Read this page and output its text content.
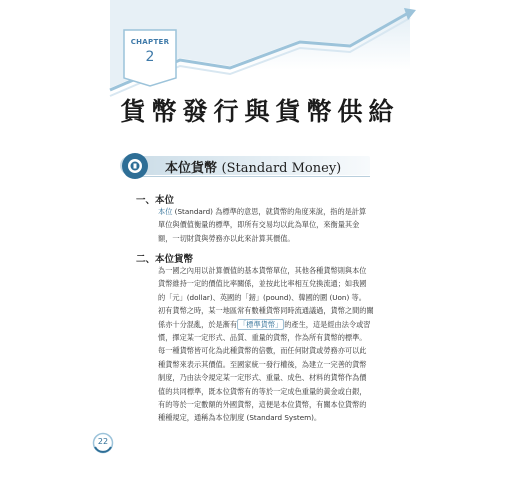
CHAPTER
2
貨幣發行與貨幣供給
本位貨幣 (Standard Money)
一、本位
本位 (Standard) 為標準的意思，就貨幣的角度來說，指的是計算
單位與價值衡量的標準，即所有交易均以此為單位，來衡量其金
額，一切財貨與勞務亦以此來計算其價值。
二、本位貨幣
為一國之內用以計算價值的基本貨幣單位，其他各種貨幣則與本位
貨幣維持一定的價值比率關係，並按此比率相互兌換流通；如我國
的「元」(dollar)、英國的「鎊」(pound)、韓國的圜 (Uon) 等。
初有貨幣之時，某一地區常有數種貨幣同時流通議過，貨幣之間的關
係亦十分混亂，於是漸有 「標準貨幣」 的產生，這是經由法令或習
慣，擇定某一定形式、品質、重量的貨幣，作為所有貨幣的標準。
每一種貨幣皆可化為此種貨幣的倍數，而任何財貨或勞務亦可以此
種貨幣來表示其價值。至國家統一發行權後，為建立一完善的貨幣
制度，乃由法令規定某一定形式、重量、成色、材料的貨幣作為價
值的共同標準，既本位貨幣有的等於一定成色重量的黃金或白銀，
有的等於一定數額的外國貨幣，這便是本位貨幣，有關本位貨幣的
種種規定，通稱為本位制度 (Standard System)。
22
